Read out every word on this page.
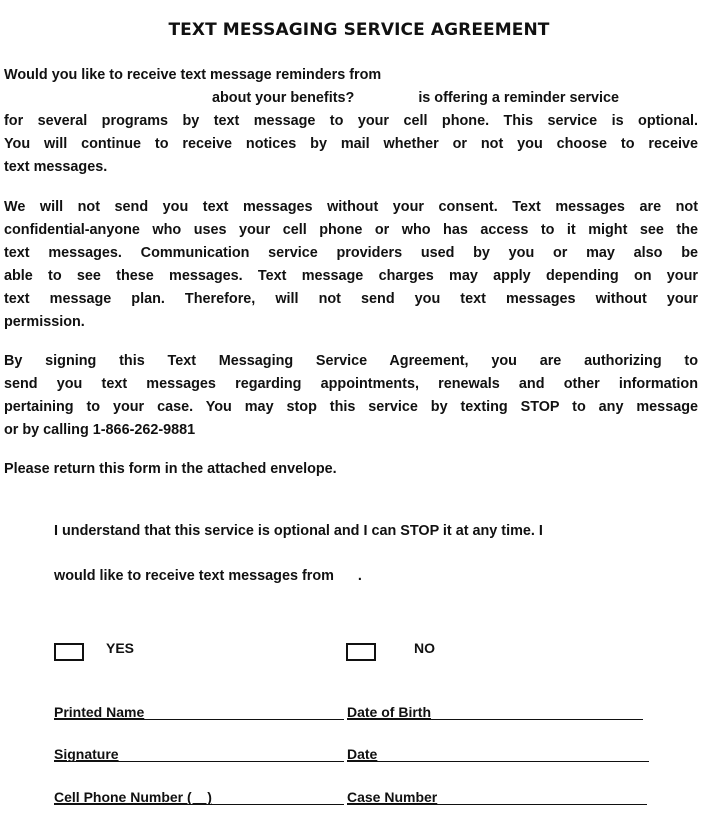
TEXT MESSAGING SERVICE AGREEMENT
Would you like to receive text message reminders from
about your benefits?	is offering a reminder service
for several programs by text message to your cell phone. This service is optional.
You will continue to receive notices by mail whether or not you choose to receive
text messages.
We will not send you text messages without your consent. Text messages are not
confidential-anyone who uses your cell phone or who has access to it might see the
text messages. Communication service providers used by you or may also be
able to see these messages. Text message charges may apply depending on your
text message plan. Therefore, will not send you text messages without your
permission.
By signing this Text Messaging Service Agreement, you are authorizing to
send you text messages regarding appointments, renewals and other information
pertaining to your case. You may stop this service by texting STOP to any message
or by calling 1-866-262-9881
Please return this form in the attached envelope.
I understand that this service is optional and I can STOP it at any time. I
would like to receive text messages from      .
YES	NO
Printed Name	Date of Birth
Signature	Date
Cell Phone Number (    )	Case Number
